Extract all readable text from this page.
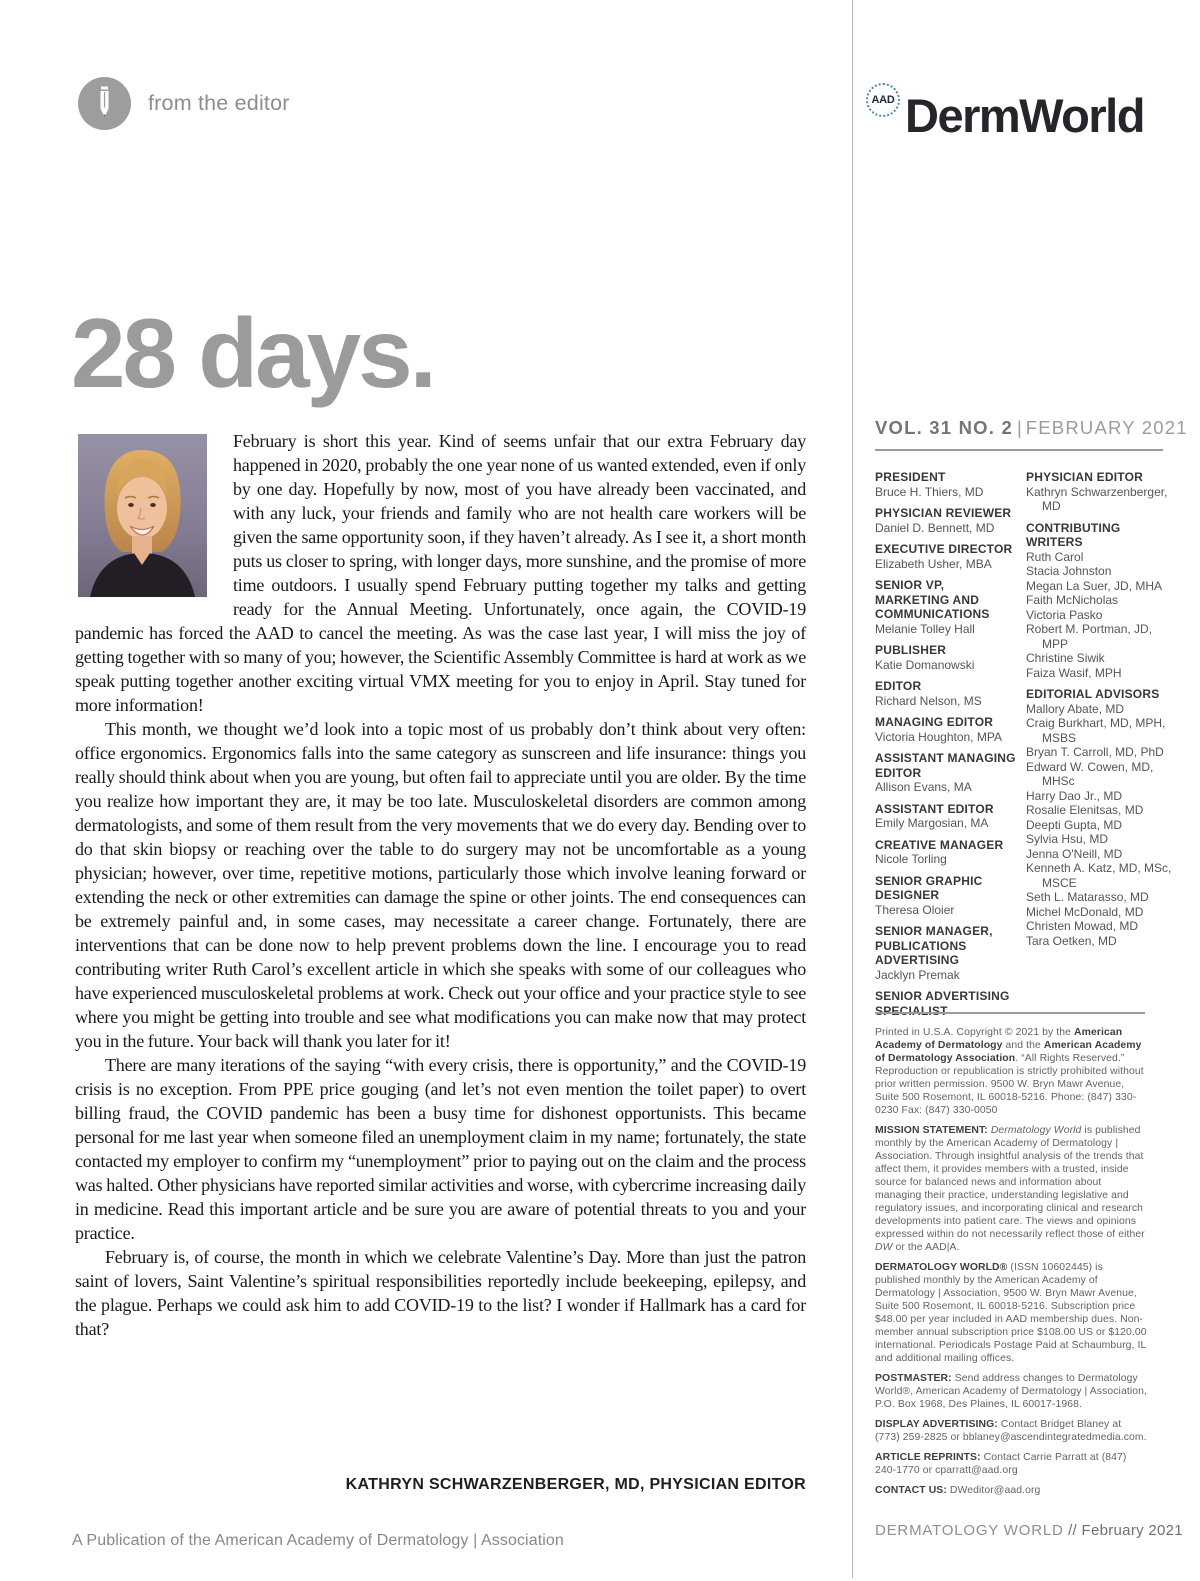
from the editor	AAD DermWorld
28 days.

February is short this year. Kind of seems unfair that our extra February day happened in 2020, probably the one year none of us wanted extended, even if only by one day. Hopefully by now, most of you have already been vaccinated, and with any luck, your friends and family who are not health care workers will be given the same opportunity soon, if they haven’t already. As I see it, a short month puts us closer to spring, with longer days, more sunshine, and the promise of more time outdoors. I usually spend February putting together my talks and getting ready for the Annual Meeting. Unfortunately, once again, the COVID-19 pandemic has forced the AAD to cancel the meeting. As was the case last year, I will miss the joy of getting together with so many of you; however, the Scientific Assembly Committee is hard at work as we speak putting together another exciting virtual VMX meeting for you to enjoy in April. Stay tuned for more information!

This month, we thought we’d look into a topic most of us probably don’t think about very often: office ergonomics. Ergonomics falls into the same category as sunscreen and life insurance: things you really should think about when you are young, but often fail to appreciate until you are older. By the time you realize how important they are, it may be too late. Musculoskeletal disorders are common among dermatologists, and some of them result from the very movements that we do every day. Bending over to do that skin biopsy or reaching over the table to do surgery may not be uncomfortable as a young physician; however, over time, repetitive motions, particularly those which involve leaning forward or extending the neck or other extremities can damage the spine or other joints. The end consequences can be extremely painful and, in some cases, may necessitate a career change. Fortunately, there are interventions that can be done now to help prevent problems down the line. I encourage you to read contributing writer Ruth Carol’s excellent article in which she speaks with some of our colleagues who have experienced musculoskeletal problems at work. Check out your office and your practice style to see where you might be getting into trouble and see what modifications you can make now that may protect you in the future. Your back will thank you later for it!

There are many iterations of the saying “with every crisis, there is opportunity,” and the COVID-19 crisis is no exception. From PPE price gouging (and let’s not even mention the toilet paper) to overt billing fraud, the COVID pandemic has been a busy time for dishonest opportunists. This became personal for me last year when someone filed an unemployment claim in my name; fortunately, the state contacted my employer to confirm my “unemployment” prior to paying out on the claim and the process was halted. Other physicians have reported similar activities and worse, with cybercrime increasing daily in medicine. Read this important article and be sure you are aware of potential threats to you and your practice.

February is, of course, the month in which we celebrate Valentine’s Day. More than just the patron saint of lovers, Saint Valentine’s spiritual responsibilities reportedly include beekeeping, epilepsy, and the plague. Perhaps we could ask him to add COVID-19 to the list? I wonder if Hallmark has a card for that?

KATHRYN SCHWARZENBERGER, MD, PHYSICIAN EDITOR
A Publication of the American Academy of Dermatology | Association
VOL. 31 NO. 2 | FEBRUARY 2021
PRESIDENT
Bruce H. Thiers, MD
PHYSICIAN REVIEWER
Daniel D. Bennett, MD
EXECUTIVE DIRECTOR
Elizabeth Usher, MBA
SENIOR VP, MARKETING AND COMMUNICATIONS
Melanie Tolley Hall
PUBLISHER
Katie Domanowski
EDITOR
Richard Nelson, MS
MANAGING EDITOR
Victoria Houghton, MPA
ASSISTANT MANAGING EDITOR
Allison Evans, MA
ASSISTANT EDITOR
Emily Margosian, MA
CREATIVE MANAGER
Nicole Torling
SENIOR GRAPHIC DESIGNER
Theresa Oloier
SENIOR MANAGER, PUBLICATIONS ADVERTISING
Jacklyn Premak
SENIOR ADVERTISING SPECIALIST
PHYSICIAN EDITOR
Kathryn Schwarzenberger, MD
CONTRIBUTING WRITERS
Ruth Carol
Stacia Johnston
Megan La Suer, JD, MHA
Faith McNicholas
Victoria Pasko
Robert M. Portman, JD, MPP
Christine Siwik
Faiza Wasif, MPH
EDITORIAL ADVISORS
Mallory Abate, MD
Craig Burkhart, MD, MPH, MSBS
Bryan T. Carroll, MD, PhD
Edward W. Cowen, MD, MHSc
Harry Dao Jr., MD
Rosalie Elenitsas, MD
Deepti Gupta, MD
Sylvia Hsu, MD
Jenna O'Neill, MD
Kenneth A. Katz, MD, MSc, MSCE
Seth L. Matarasso, MD
Michel McDonald, MD
Christen Mowad, MD
Tara Oetken, MD

Printed in U.S.A. Copyright © 2021 by the American Academy of Dermatology and the American Academy of Dermatology Association. “All Rights Reserved.” Reproduction or republication is strictly prohibited without prior written permission. 9500 W. Bryn Mawr Avenue, Suite 500 Rosemont, IL 60018-5216. Phone: (847) 330-0230 Fax: (847) 330-0050

MISSION STATEMENT: Dermatology World is published monthly by the American Academy of Dermatology | Association. Through insightful analysis of the trends that affect them, it provides members with a trusted, inside source for balanced news and information about managing their practice, understanding legislative and regulatory issues, and incorporating clinical and research developments into patient care. The views and opinions expressed within do not necessarily reflect those of either DW or the AAD|A.

DERMATOLOGY WORLD® (ISSN 10602445) is published monthly by the American Academy of Dermatology | Association, 9500 W. Bryn Mawr Avenue, Suite 500 Rosemont, IL 60018-5216. Subscription price $48.00 per year included in AAD membership dues. Non-member annual subscription price $108.00 US or $120.00 international. Periodicals Postage Paid at Schaumburg, IL and additional mailing offices.

POSTMASTER: Send address changes to Dermatology World®, American Academy of Dermatology | Association, P.O. Box 1968, Des Plaines, IL 60017-1968.

DISPLAY ADVERTISING: Contact Bridget Blaney at (773) 259-2825 or bblaney@ascendintegratedmedia.com.

ARTICLE REPRINTS: Contact Carrie Parratt at (847) 240-1770 or cparratt@aad.org

CONTACT US: DWeditor@aad.org

DERMATOLOGY WORLD // February 2021
